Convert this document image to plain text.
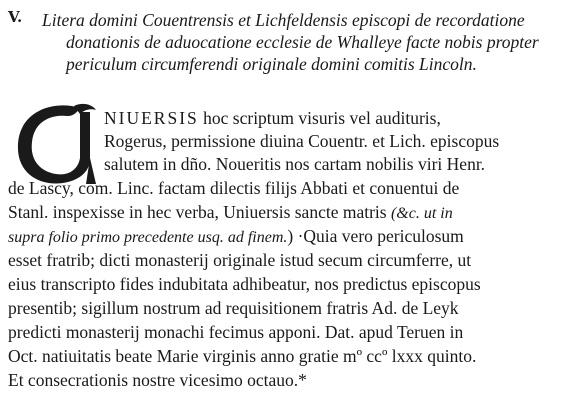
V. Litera domini Couentrensis et Lichfeldensis episcopi de recordatione
donationis de aduocatione ecclesie de Whalleye facte nobis propter
periculum circumferendi originale domini comitis Lincoln.
NIUERSIS hoc scriptum visuris vel audituris,
Rogerus, permissione diuina Couentr. et Lich. episcopus
salutem in dño. Noueritis nos cartam nobilis viri Henr.
de Lascy, com. Linc. factam dilectis filijs Abbati et conuentui de
Stanl. inspexisse in hec verba, Uniuersis sancte matris (&c. ut in
supra folio primo precedente usq. ad finem.) ·Quia vero periculosum
esset fratrib; dicti monasterij originale istud secum circumferre, ut
eius transcripto fides indubitata adhibeatur, nos predictus episcopus
presentib; sigillum nostrum ad requisitionem fratris Ad. de Leyk
predicti monasterij monachi fecimus apponi. Dat. apud Teruen in
Oct. natiuitatis beate Marie virginis anno gratie mº ccº lxxx quinto.
Et consecrationis nostre vicesimo octauo.*
